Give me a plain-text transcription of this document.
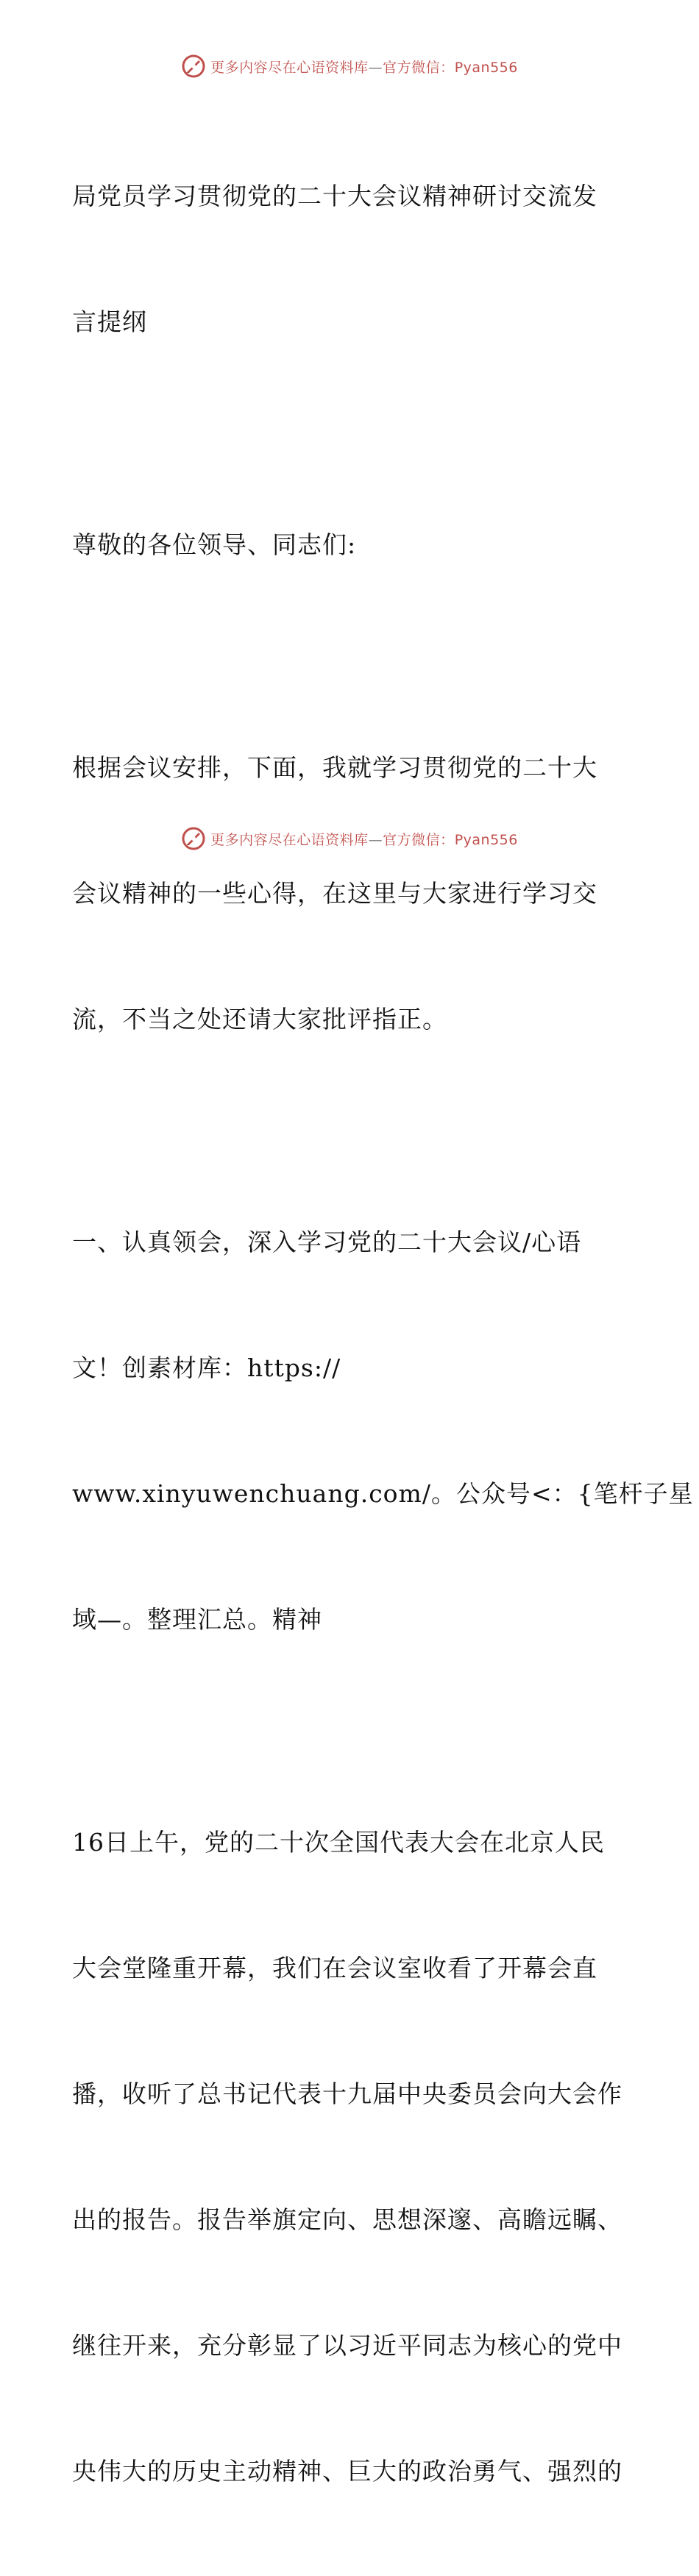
更多内容尽在心语资料库—官方微信：Pyan556

局党员学习贯彻党的二十大会议精神研讨交流发

言提纲

尊敬的各位领导、同志们:

根据会议安排，下面，我就学习贯彻党的二十大

会议精神的一些心得，在这里与大家进行学习交

流，不当之处还请大家批评指正。

一、认真领会，深入学习党的二十大会议/心语

文！创素材库：https://

www.xinyuwenchuang.com/。公众号<：{笔杆子星

域—。整理汇总。精神

16日上午，党的二十次全国代表大会在北京人民

大会堂隆重开幕，我们在会议室收看了开幕会直

播，收听了总书记代表十九届中央委员会向大会作

出的报告。报告举旗定向、思想深邃、高瞻远瞩、

继往开来，充分彰显了以习近平同志为核心的党中

央伟大的历史主动精神、巨大的政治勇气、强烈的

更多内容尽在心语资料库—官方微信：Pyan556
